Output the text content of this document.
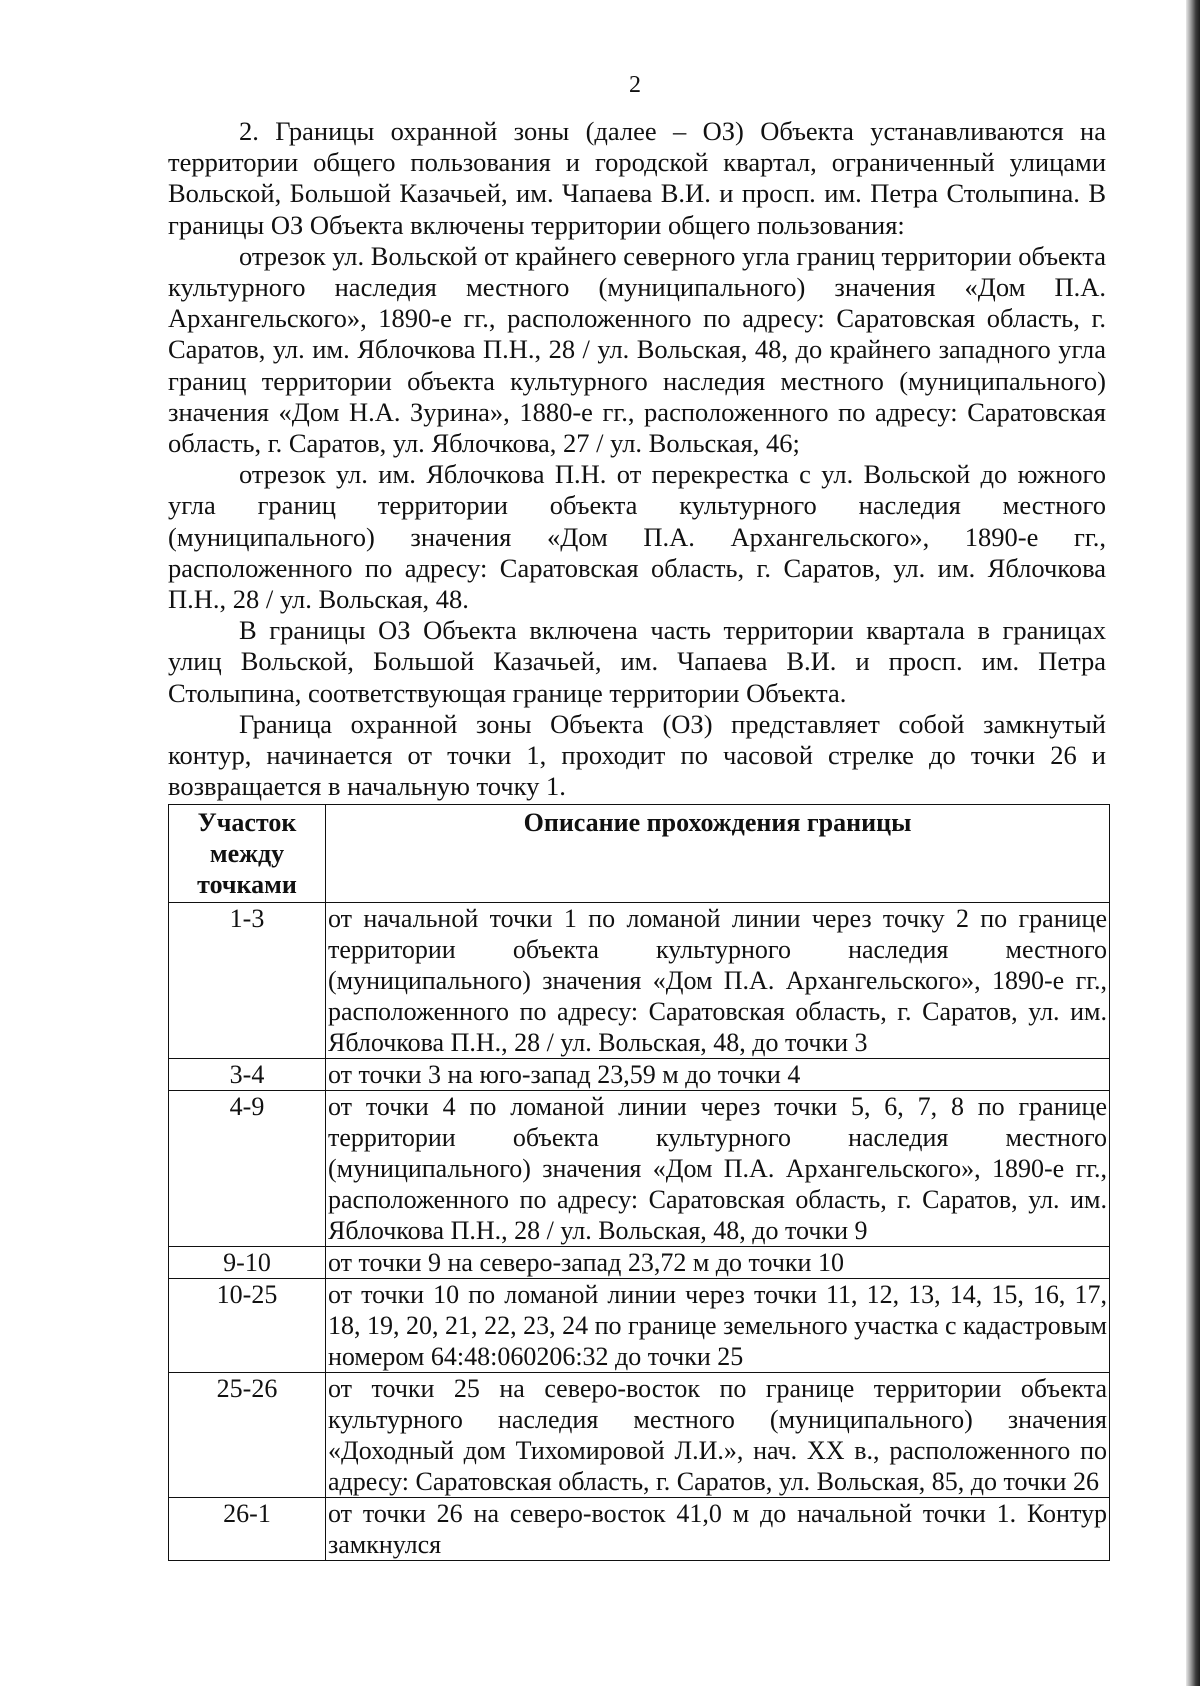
2

2. Границы охранной зоны (далее – ОЗ) Объекта устанавливаются на территории общего пользования и городской квартал, ограниченный улицами Вольской, Большой Казачьей, им. Чапаева В.И. и просп. им. Петра Столыпина. В границы ОЗ Объекта включены территории общего пользования:

отрезок ул. Вольской от крайнего северного угла границ территории объекта культурного наследия местного (муниципального) значения «Дом П.А. Архангельского», 1890-е гг., расположенного по адресу: Саратовская область, г. Саратов, ул. им. Яблочкова П.Н., 28 / ул. Вольская, 48, до крайнего западного угла границ территории объекта культурного наследия местного (муниципального) значения «Дом Н.А. Зурина», 1880-е гг., расположенного по адресу: Саратовская область, г. Саратов, ул. Яблочкова, 27 / ул. Вольская, 46;

отрезок ул. им. Яблочкова П.Н. от перекрестка с ул. Вольской до южного угла границ территории объекта культурного наследия местного (муниципального) значения «Дом П.А. Архангельского», 1890-е гг., расположенного по адресу: Саратовская область, г. Саратов, ул. им. Яблочкова П.Н., 28 / ул. Вольская, 48.

В границы ОЗ Объекта включена часть территории квартала в границах улиц Вольской, Большой Казачьей, им. Чапаева В.И. и просп. им. Петра Столыпина, соответствующая границе территории Объекта.

Граница охранной зоны Объекта (ОЗ) представляет собой замкнутый контур, начинается от точки 1, проходит по часовой стрелке до точки 26 и возвращается в начальную точку 1.

Участок между точками	Описание прохождения границы
1-3	от начальной точки 1 по ломаной линии через точку 2 по границе территории объекта культурного наследия местного (муниципального) значения «Дом П.А. Архангельского», 1890-е гг., расположенного по адресу: Саратовская область, г. Саратов, ул. им. Яблочкова П.Н., 28 / ул. Вольская, 48, до точки 3
3-4	от точки 3 на юго-запад 23,59 м до точки 4
4-9	от точки 4 по ломаной линии через точки 5, 6, 7, 8 по границе территории объекта культурного наследия местного (муниципального) значения «Дом П.А. Архангельского», 1890-е гг., расположенного по адресу: Саратовская область, г. Саратов, ул. им. Яблочкова П.Н., 28 / ул. Вольская, 48, до точки 9
9-10	от точки 9 на северо-запад 23,72 м до точки 10
10-25	от точки 10 по ломаной линии через точки 11, 12, 13, 14, 15, 16, 17, 18, 19, 20, 21, 22, 23, 24 по границе земельного участка с кадастровым номером 64:48:060206:32 до точки 25
25-26	от точки 25 на северо-восток по границе территории объекта культурного наследия местного (муниципального) значения «Доходный дом Тихомировой Л.И.», нач. XX в., расположенного по адресу: Саратовская область, г. Саратов, ул. Вольская, 85, до точки 26
26-1	от точки 26 на северо-восток 41,0 м до начальной точки 1. Контур замкнулся
